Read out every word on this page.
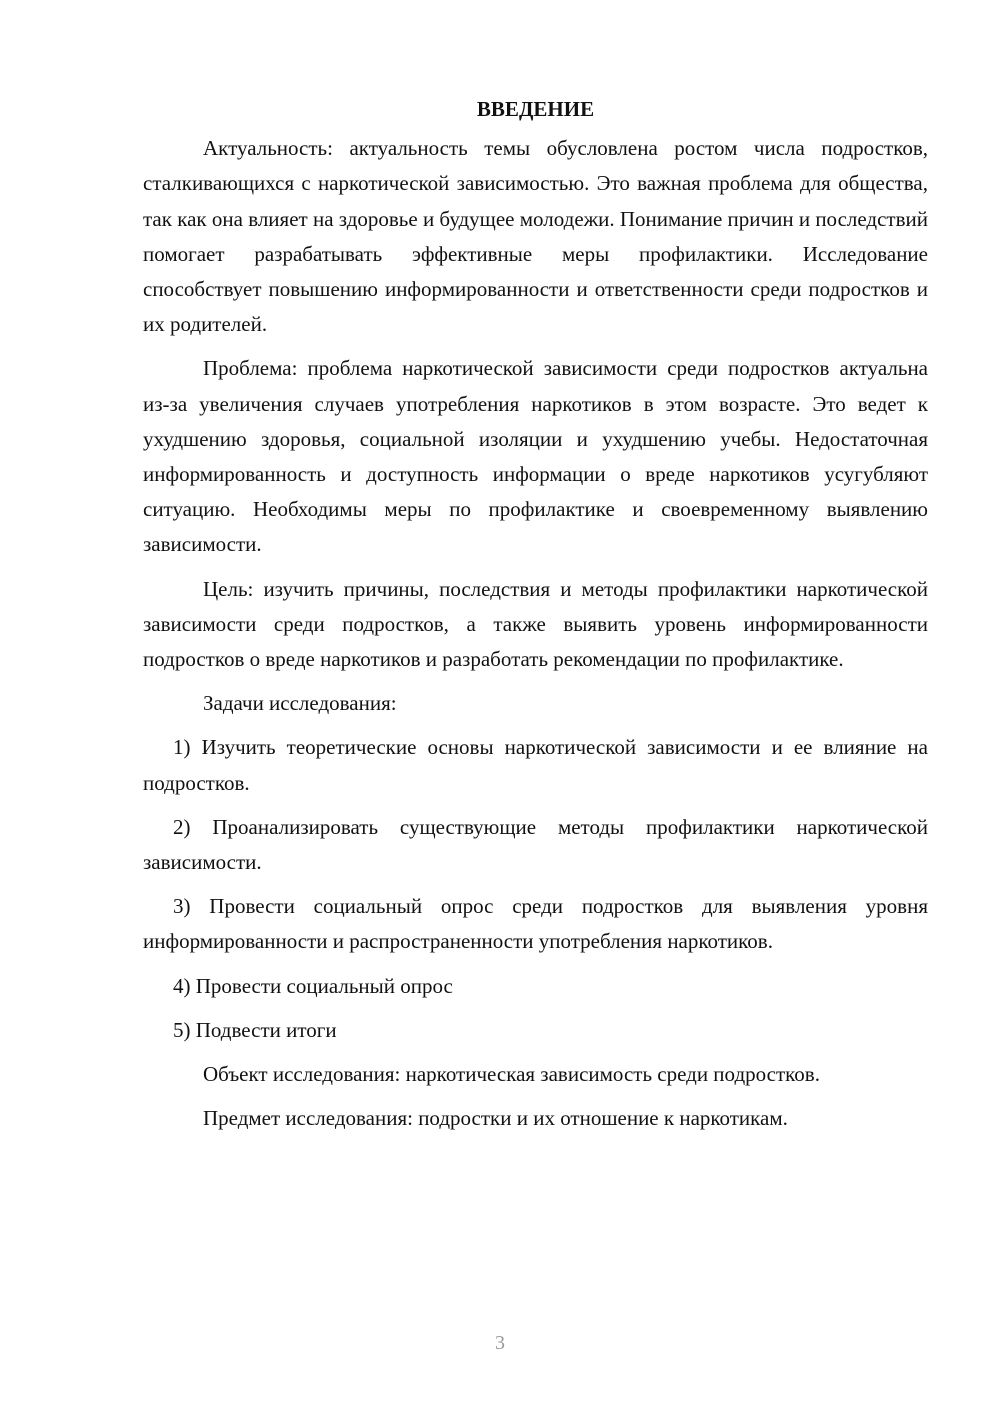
ВВЕДЕНИЕ

Актуальность: актуальность темы обусловлена ростом числа подростков, сталкивающихся с наркотической зависимостью. Это важная проблема для общества, так как она влияет на здоровье и будущее молодежи. Понимание причин и последствий помогает разрабатывать эффективные меры профилактики. Исследование способствует повышению информированности и ответственности среди подростков и их родителей.

Проблема: проблема наркотической зависимости среди подростков актуальна из-за увеличения случаев употребления наркотиков в этом возрасте. Это ведет к ухудшению здоровья, социальной изоляции и ухудшению учебы. Недостаточная информированность и доступность информации о вреде наркотиков усугубляют ситуацию. Необходимы меры по профилактике и своевременному выявлению зависимости.

Цель: изучить причины, последствия и методы профилактики наркотической зависимости среди подростков, а также выявить уровень информированности подростков о вреде наркотиков и разработать рекомендации по профилактике.

Задачи исследования:

1) Изучить теоретические основы наркотической зависимости и ее влияние на подростков.

2) Проанализировать существующие методы профилактики наркотической зависимости.

3) Провести социальный опрос среди подростков для выявления уровня информированности и распространенности употребления наркотиков.

4) Провести социальный опрос

5) Подвести итоги

Объект исследования: наркотическая зависимость среди подростков.

Предмет исследования: подростки и их отношение к наркотикам.

3
